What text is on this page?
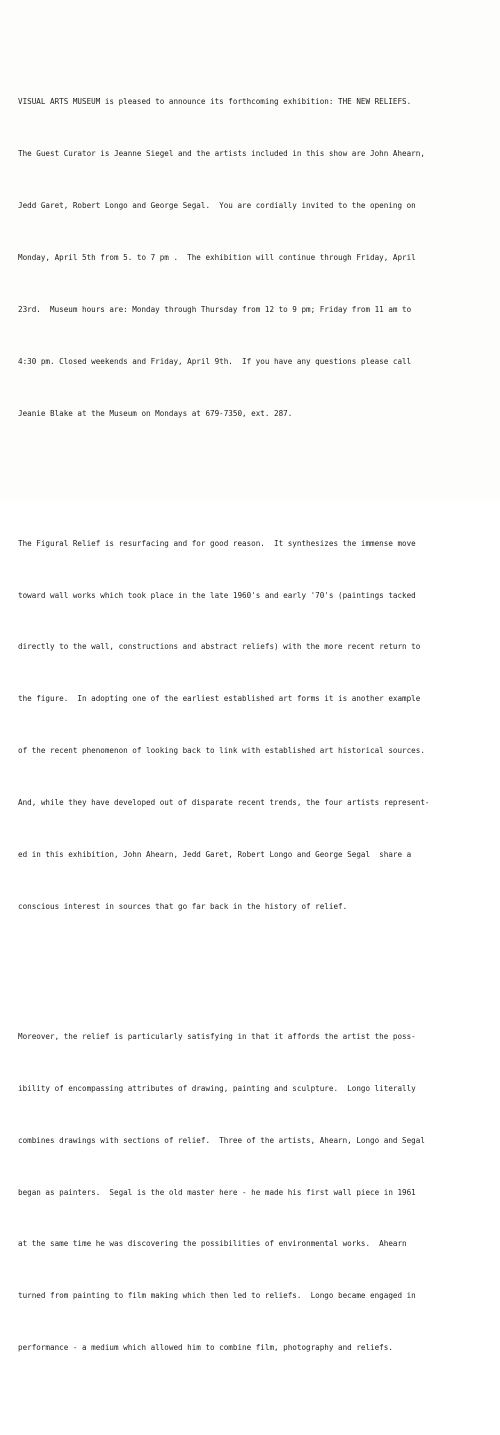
VISUAL ARTS MUSEUM is pleased to announce its forthcoming exhibition: THE NEW RELIEFS.

The Guest Curator is Jeanne Siegel and the artists included in this show are John Ahearn,

Jedd Garet, Robert Longo and George Segal.  You are cordially invited to the opening on

Monday, April 5th from 5. to 7 pm .  The exhibition will continue through Friday, April

23rd.  Museum hours are: Monday through Thursday from 12 to 9 pm; Friday from 11 am to

4:30 pm. Closed weekends and Friday, April 9th.  If you have any questions please call

Jeanie Blake at the Museum on Mondays at 679-7350, ext. 287.

The Figural Relief is resurfacing and for good reason.  It synthesizes the immense move

toward wall works which took place in the late 1960's and early '70's (paintings tacked

directly to the wall, constructions and abstract reliefs) with the more recent return to

the figure.  In adopting one of the earliest established art forms it is another example

of the recent phenomenon of looking back to link with established art historical sources.

And, while they have developed out of disparate recent trends, the four artists represent-

ed in this exhibition, John Ahearn, Jedd Garet, Robert Longo and George Segal  share a

conscious interest in sources that go far back in the history of relief.

Moreover, the relief is particularly satisfying in that it affords the artist the poss-

ibility of encompassing attributes of drawing, painting and sculpture.  Longo literally

combines drawings with sections of relief.  Three of the artists, Ahearn, Longo and Segal

began as painters.  Segal is the old master here - he made his first wall piece in 1961

at the same time he was discovering the possibilities of environmental works.  Ahearn

turned from painting to film making which then led to reliefs.  Longo became engaged in

performance - a medium which allowed him to combine film, photography and reliefs.
